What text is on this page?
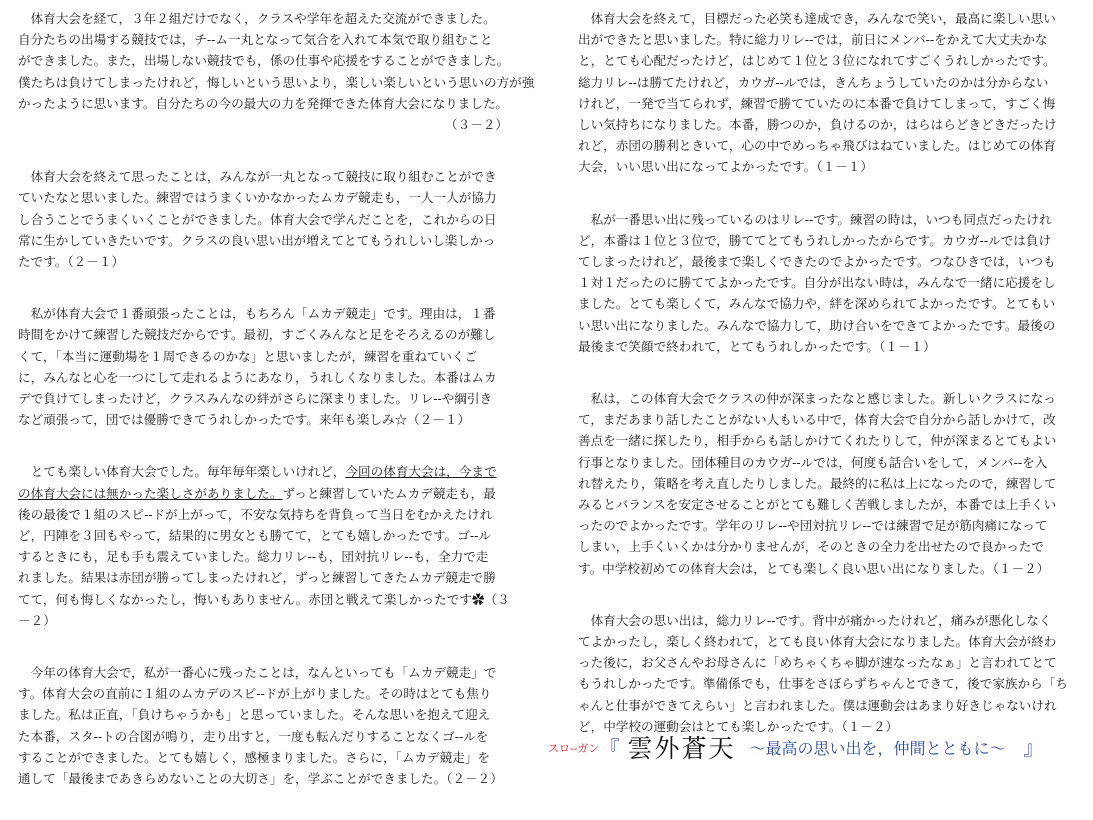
　体育大会を経て，３年２組だけでなく，クラスや学年を超えた交流ができました。
自分たちの出場する競技では，チ--ム一丸となって気合を入れて本気で取り組むこと
ができました。また，出場しない競技でも，係の仕事や応援をすることができました。
僕たちは負けてしまったけれど，悔しいという思いより，楽しい楽しいという思いの方が強
かったように思います。自分たちの今の最大の力を発揮できた体育大会になりました。
（３－２）
　体育大会を終えて思ったことは，みんなが一丸となって競技に取り組むことができ
ていたなと思いました。練習ではうまくいかなかったムカデ競走も，一人一人が協力
し合うことでうまくいくことができました。体育大会で学んだことを，これからの日
常に生かしていきたいです。クラスの良い思い出が増えてとてもうれしいし楽しかっ
たです。（２－１）
　私が体育大会で１番頑張ったことは，もちろん「ムカデ競走」です。理由は，１番
時間をかけて練習した競技だからです。最初，すごくみんなと足をそろえるのが難し
くて，「本当に運動場を１周できるのかな」と思いましたが，練習を重ねていくご
に，みんなと心を一つにして走れるようにあなり，うれしくなりました。本番はムカ
デで負けてしまったけど，クラスみんなの絆がさらに深まりました。リレ--や綱引き
など頑張って，団では優勝できてうれしかったです。来年も楽しみ☆（２－１）
　とても楽しい体育大会でした。毎年毎年楽しいけれど，今回の体育大会は，今まで
の体育大会には無かった楽しさがありました。ずっと練習していたムカデ競走も，最
後の最後で１組のスピ--ドが上がって，不安な気持ちを背負って当日をむかえたけれ
ど，円陣を３回もやって，結果的に男女とも勝てて，とても嬉しかったです。ゴ--ル
するときにも，足も手も震えていました。総力リレ--も，団対抗リレ--も，全力で走
れました。結果は赤団が勝ってしまったけれど，ずっと練習してきたムカデ競走で勝
てて，何も悔しくなかったし，悔いもありません。赤団と戦えて楽しかったです✿（３
－２）
　今年の体育大会で，私が一番心に残ったことは，なんといっても「ムカデ競走」で
す。体育大会の直前に１組のムカデのスピ--ドが上がりました。その時はとても焦り
ました。私は正直，「負けちゃうかも」と思っていました。そんな思いを抱えて迎え
た本番，スタ--トの合図が鳴り，走り出すと，一度も転んだりすることなくゴ--ルを
することができました。とても嬉しく，感極まりました。さらに，「ムカデ競走」を
通して「最後まであきらめないことの大切さ」を，学ぶことができました。（２－２）
　体育大会を終えて，目標だった必笑も達成でき，みんなで笑い，最高に楽しい思い
出ができたと思いました。特に総力リレ--では，前日にメンバ--をかえて大丈夫かな
と，とても心配だったけど，はじめて１位と３位になれてすごくうれしかったです。
総力リレ--は勝てたけれど，カウガ--ルでは，きんちょうしていたのかは分からない
けれど，一発で当てられず，練習で勝てていたのに本番で負けてしまって，すごく悔
しい気持ちになりました。本番，勝つのか，負けるのか，はらはらどきどきだったけ
れど，赤団の勝利ときいて，心の中でめっちゃ飛びはねていました。はじめての体育
大会，いい思い出になってよかったです。（１－１）
　私が一番思い出に残っているのはリレ--です。練習の時は，いつも同点だったけれ
ど，本番は１位と３位で，勝ててとてもうれしかったからです。カウガ--ルでは負け
てしまったけれど，最後まで楽しくできたのでよかったです。つなひきでは，いつも
１対１だったのに勝ててよかったです。自分が出ない時は，みんなで一緒に応援をし
ました。とても楽しくて，みんなで協力や，絆を深められてよかったです。とてもい
い思い出になりました。みんなで協力して，助け合いをできてよかったです。最後の
最後まで笑顔で終われて，とてもうれしかったです。（１－１）
　私は，この体育大会でクラスの仲が深まったなと感じました。新しいクラスになっ
て，まだあまり話したことがない人もいる中で，体育大会で自分から話しかけて，改
善点を一緒に探したり，相手からも話しかけてくれたりして，仲が深まるとてもよい
行事となりました。団体種目のカウガ--ルでは，何度も話合いをして，メンバ--を入
れ替えたり，策略を考え直したりしました。最終的に私は上になったので，練習して
みるとバランスを安定させることがとても難しく苦戦しましたが，本番では上手くい
ったのでよかったです。学年のリレ--や団対抗リレ--では練習で足が筋肉痛になって
しまい，上手くいくかは分かりませんが，そのときの全力を出せたので良かったで
す。中学校初めての体育大会は，とても楽しく良い思い出になりました。（１－２）
　体育大会の思い出は，総力リレ--です。背中が痛かったけれど，痛みが悪化しなく
てよかったし，楽しく終われて，とても良い体育大会になりました。体育大会が終わ
った後に，お父さんやお母さんに「めちゃくちゃ脚が速なったなぁ」と言われてとて
もうれしかったです。準備係でも，仕事をさぼらずちゃんとできて，後で家族から「ち
ゃんと仕事ができてえらい」と言われました。僕は運動会はあまり好きじゃないけれ
ど，中学校の運動会はとても楽しかったです。（１－２）
$^{スロ--ガン}$『 雲外蒼天 ～最高の思い出を，仲間とともに～ 』
